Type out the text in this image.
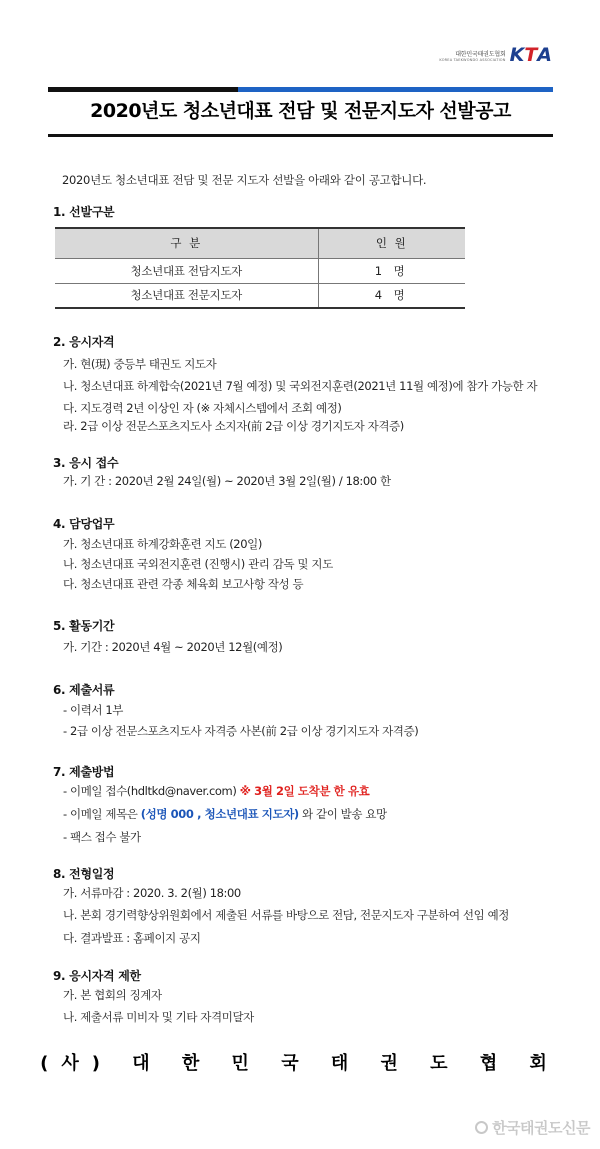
대한민국태권도협회
KOREA TAEKWONDO ASSOCIATION K T A
2020년도 청소년대표 전담 및 전문지도자 선발공고
2020년도 청소년대표 전담 및 전문 지도자 선발을 아래와 같이 공고합니다.
1. 선발구분
구 분	인 원
청소년대표 전담지도자	1 명
청소년대표 전문지도자	4 명
2. 응시자격
가. 현(現) 중등부 태권도 지도자
나. 청소년대표 하계합숙(2021년 7월 예정) 및 국외전지훈련(2021년 11월 예정)에 참가 가능한 자
다. 지도경력 2년 이상인 자 (※ 자체시스템에서 조회 예정)
라. 2급 이상 전문스포츠지도사 소지자(前 2급 이상 경기지도자 자격증)
3. 응시 접수
가. 기 간 : 2020년 2월 24일(월) ~ 2020년 3월 2일(월) / 18:00 한
4. 담당업무
가. 청소년대표 하계강화훈련 지도 (20일)
나. 청소년대표 국외전지훈련 (진행시) 관리 감독 및 지도
다. 청소년대표 관련 각종 체육회 보고사항 작성 등
5. 활동기간
가. 기간 : 2020년 4월 ~ 2020년 12월(예정)
6. 제출서류
- 이력서 1부
- 2급 이상 전문스포츠지도사 자격증 사본(前 2급 이상 경기지도자 자격증)
7. 제출방법
- 이메일 접수(hdltkd@naver.com) ※ 3월 2일 도착분 한 유효
- 이메일 제목은 (성명 000 , 청소년대표 지도자) 와 같이 발송 요망
- 팩스 접수 불가
8. 전형일정
가. 서류마감 : 2020. 3. 2(월) 18:00
나. 본회 경기력향상위원회에서 제출된 서류를 바탕으로 전담, 전문지도자 구분하여 선임 예정
다. 결과발표 : 홈페이지 공지
9. 응시자격 제한
가. 본 협회의 징계자
나. 제출서류 미비자 및 기타 자격미달자
(사) 대 한 민 국 태 권 도 협 회
한국태권도신문
